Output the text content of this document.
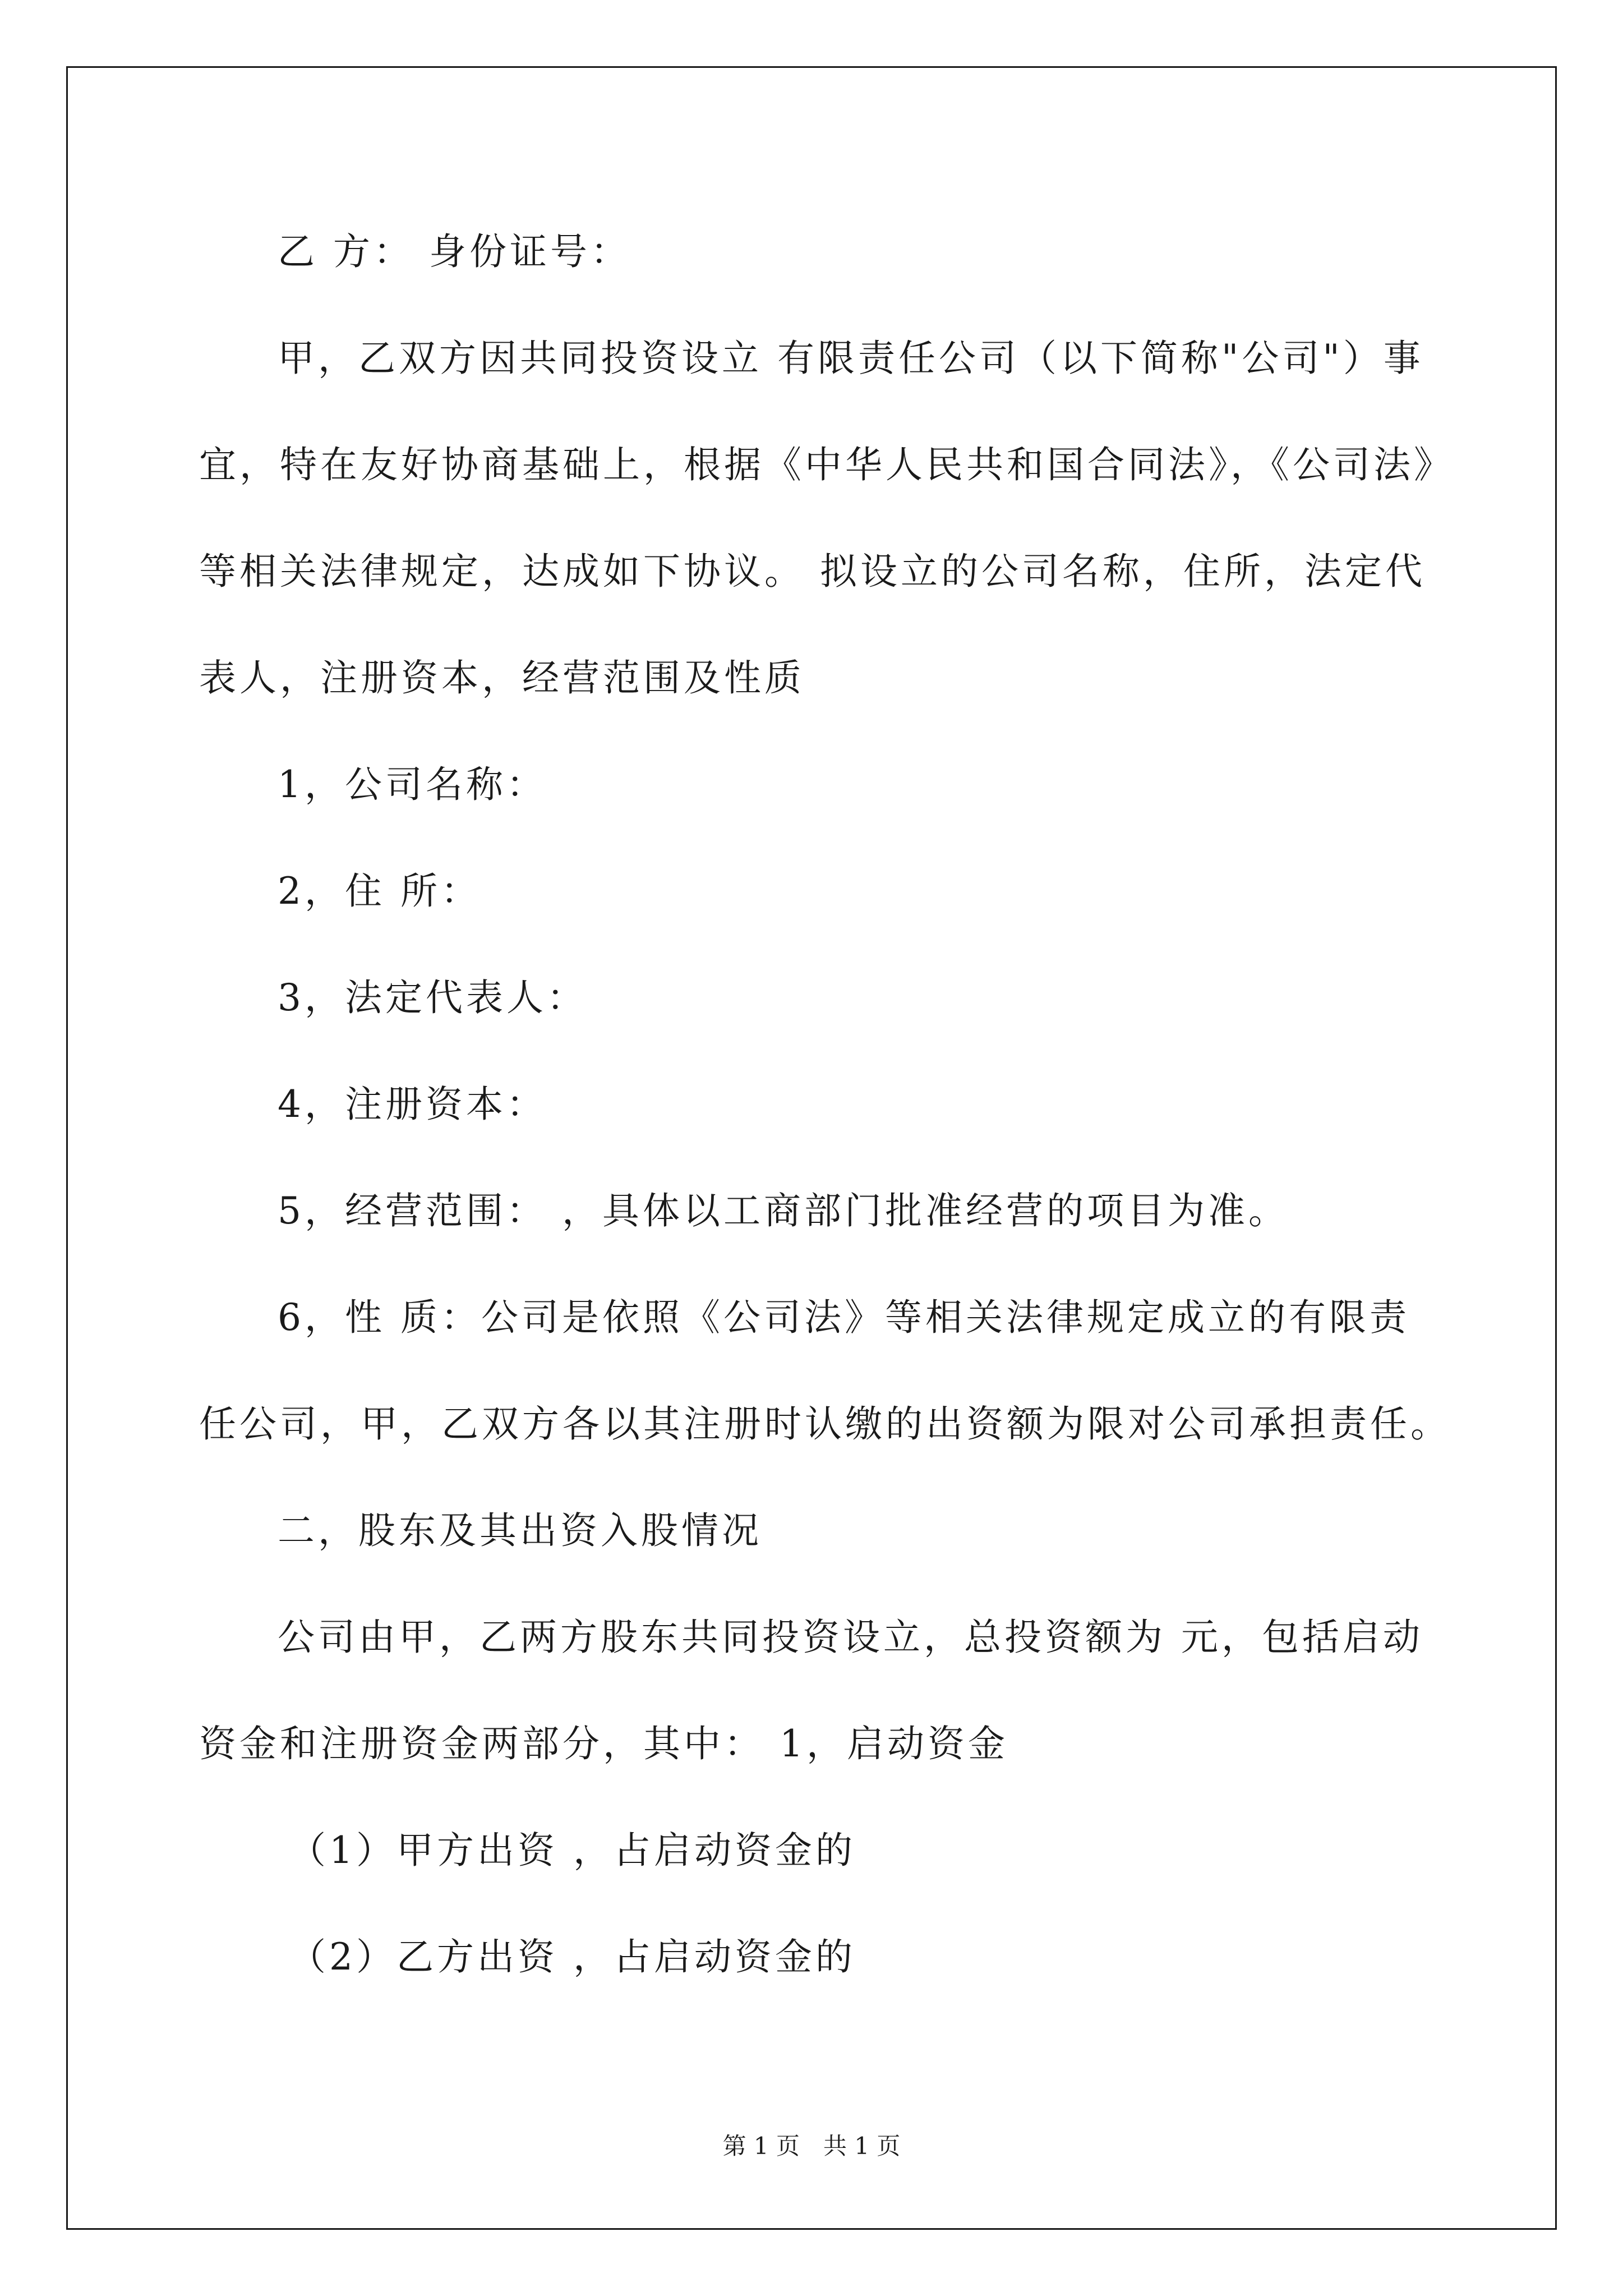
乙 方： 身份证号：
甲，乙双方因共同投资设立 有限责任公司（以下简称"公司"）事
宜，特在友好协商基础上，根据《中华人民共和国合同法》，《公司法》
等相关法律规定，达成如下协议。 拟设立的公司名称，住所，法定代
表人，注册资本，经营范围及性质
1，公司名称：
2，住 所：
3，法定代表人：
4，注册资本：
5，经营范围： ，具体以工商部门批准经营的项目为准。
6，性 质：公司是依照《公司法》等相关法律规定成立的有限责
任公司，甲，乙双方各以其注册时认缴的出资额为限对公司承担责任。
二，股东及其出资入股情况
公司由甲，乙两方股东共同投资设立，总投资额为 元，包括启动
资金和注册资金两部分，其中： 1，启动资金
（1）甲方出资 ，占启动资金的
（2）乙方出资 ，占启动资金的
第 1 页　共 1 页
